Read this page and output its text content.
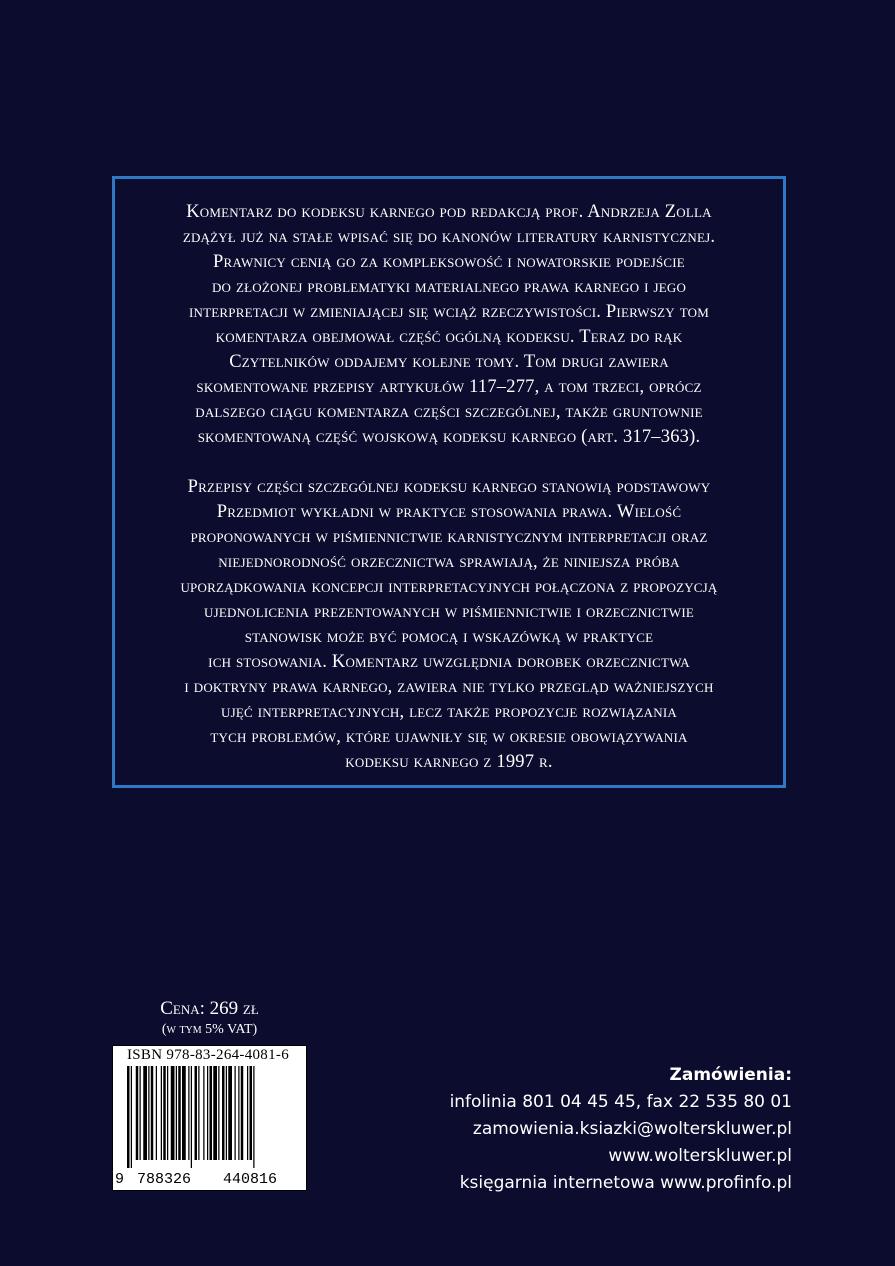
Komentarz do kodeksu karnego pod redakcją prof. Andrzeja Zolla
zdążył już na stałe wpisać się do kanonów literatury karnistycznej.
Prawnicy cenią go za kompleksowość i nowatorskie podejście
do złożonej problematyki materialnego prawa karnego i jego
interpretacji w zmieniającej się wciąż rzeczywistości. Pierwszy tom
komentarza obejmował część ogólną kodeksu. Teraz do rąk
Czytelników oddajemy kolejne tomy. Tom drugi zawiera
skomentowane przepisy artykułów 117–277, a tom trzeci, oprócz
dalszego ciągu komentarza części szczególnej, także gruntownie
skomentowaną część wojskową kodeksu karnego (art. 317–363).
Przepisy części szczególnej kodeksu karnego stanowią podstawowy
Przedmiot wykładni w praktyce stosowania prawa. Wielość
proponowanych w piśmiennictwie karnistycznym interpretacji oraz
niejednorodność orzecznictwa sprawiają, że niniejsza próba
uporządkowania koncepcji interpretacyjnych połączona z propozycją
ujednolicenia prezentowanych w piśmiennictwie i orzecznictwie
stanowisk może być pomocą i wskazówką w praktyce
ich stosowania. Komentarz uwzględnia dorobek orzecznictwa
i doktryny prawa karnego, zawiera nie tylko przegląd ważniejszych
ujęć interpretacyjnych, lecz także propozycje rozwiązania
tych problemów, które ujawniły się w okresie obowiązywania
kodeksu karnego z 1997 r.
Cena: 269 zł
(w tym 5% VAT)
ISBN 978-83-264-4081-6
9 788326 440816
Zamówienia:
infolinia 801 04 45 45, fax 22 535 80 01
zamowienia.ksiazki@wolterskluwer.pl
www.wolterskluwer.pl
księgarnia internetowa www.profinfo.pl
